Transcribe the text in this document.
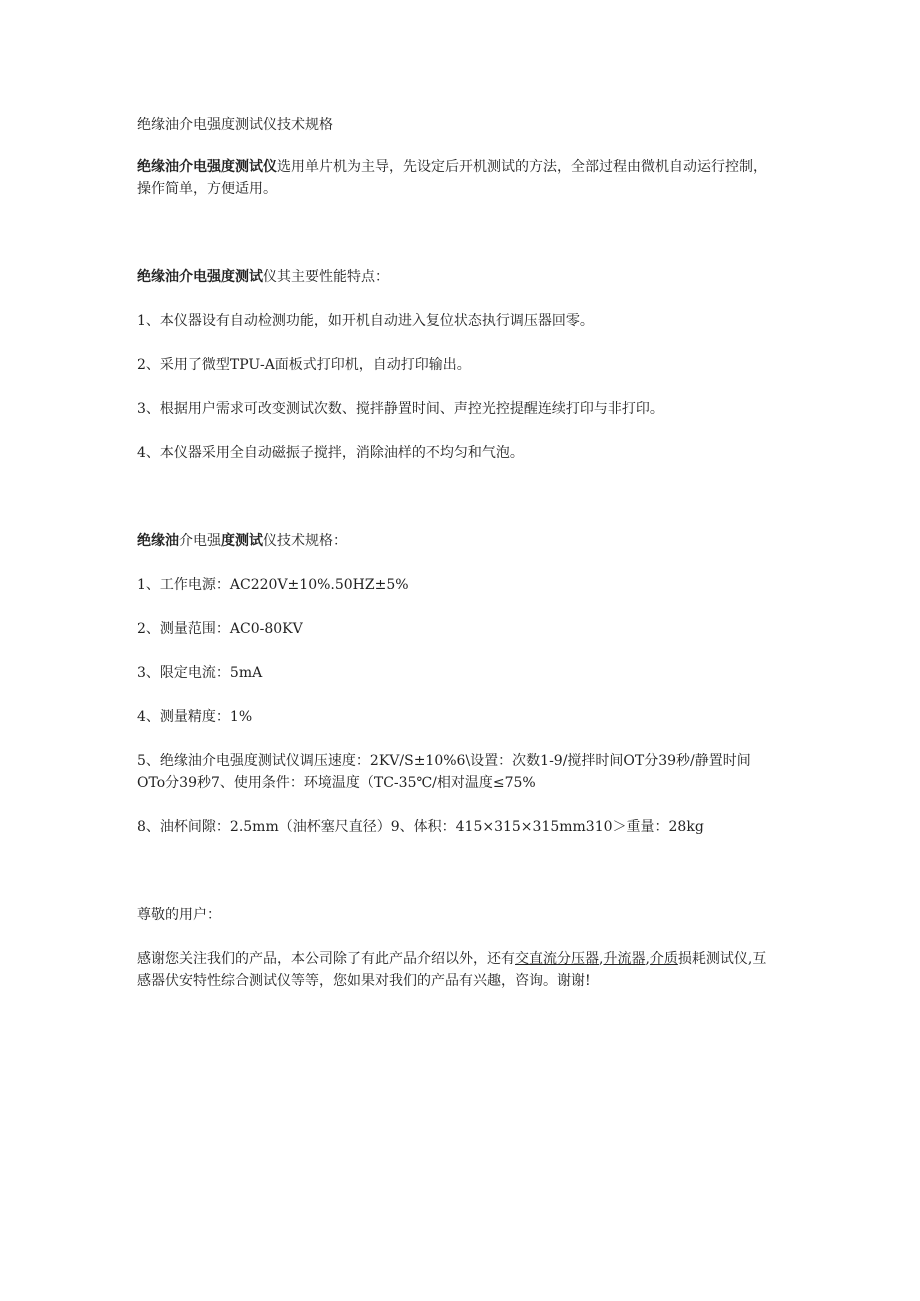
绝缘油介电强度测试仪技术规格

绝缘油介电强度测试仪选用单片机为主导，先设定后开机测试的方法，全部过程由微机自动运行控制，操作简单，方便适用。

绝缘油介电强度测试仪其主要性能特点：

1、本仪器设有自动检测功能，如开机自动进入复位状态执行调压器回零。

2、采用了微型TPU-A面板式打印机，自动打印输出。

3、根据用户需求可改变测试次数、搅拌静置时间、声控光控提醒连续打印与非打印。

4、本仪器采用全自动磁振子搅拌，消除油样的不均匀和气泡。

绝缘油介电强度测试仪技术规格：

1、工作电源：AC220V±10%.50HZ±5%

2、测量范围：AC0-80KV

3、限定电流：5mA

4、测量精度：1%

5、绝缘油介电强度测试仪调压速度：2KV/S±10%6\设置：次数1-9/搅拌时间OT分39秒/静置时间OTo分39秒7、使用条件：环境温度（TC-35℃/相对温度≤75%

8、油杯间隙：2.5mm（油杯塞尺直径）9、体积：415×315×315mm310＞重量：28kg

尊敬的用户：

感谢您关注我们的产品，本公司除了有此产品介绍以外，还有交直流分压器,升流器,介质损耗测试仪,互感器伏安特性综合测试仪等等，您如果对我们的产品有兴趣，咨询。谢谢!
